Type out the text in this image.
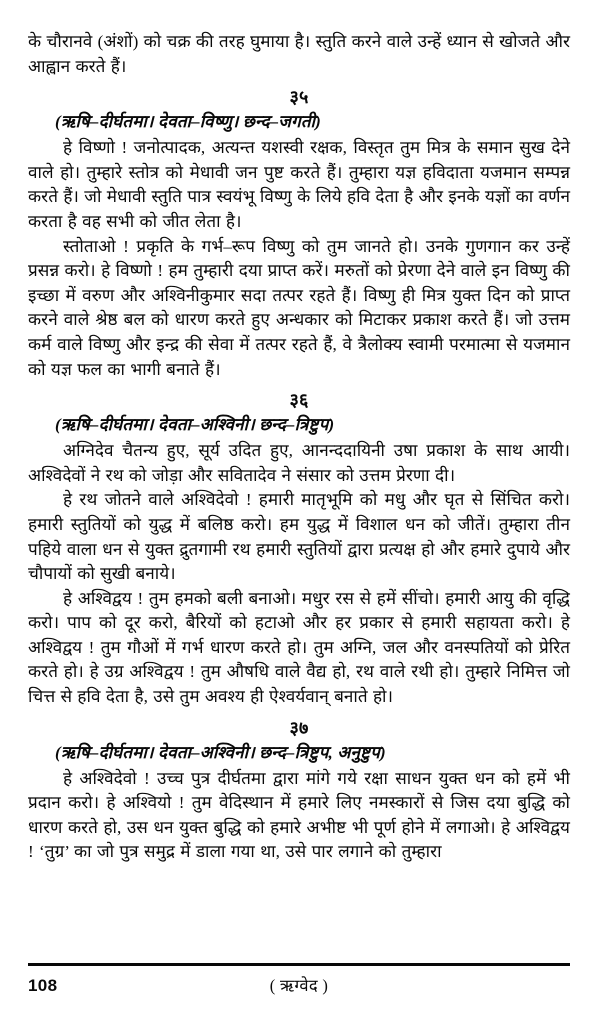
के चौरानवे (अंशों) को चक्र की तरह घुमाया है। स्तुति करने वाले उन्हें ध्यान से खोजते और आह्वान करते हैं।

३५
(ऋषि–दीर्घतमा। देवता–विष्णु। छन्द–जगती)

हे विष्णो ! जनोत्पादक, अत्यन्त यशस्वी रक्षक, विस्तृत तुम मित्र के समान सुख देने वाले हो। तुम्हारे स्तोत्र को मेधावी जन पुष्ट करते हैं। तुम्हारा यज्ञ हविदाता यजमान सम्पन्न करते हैं। जो मेधावी स्तुति पात्र स्वयंभू विष्णु के लिये हवि देता है और इनके यज्ञों का वर्णन करता है वह सभी को जीत लेता है।

स्तोताओ ! प्रकृति के गर्भ–रूप विष्णु को तुम जानते हो। उनके गुणगान कर उन्हें प्रसन्न करो। हे विष्णो ! हम तुम्हारी दया प्राप्त करें। मरुतों को प्रेरणा देने वाले इन विष्णु की इच्छा में वरुण और अश्विनीकुमार सदा तत्पर रहते हैं। विष्णु ही मित्र युक्त दिन को प्राप्त करने वाले श्रेष्ठ बल को धारण करते हुए अन्धकार को मिटाकर प्रकाश करते हैं। जो उत्तम कर्म वाले विष्णु और इन्द्र की सेवा में तत्पर रहते हैं, वे त्रैलोक्य स्वामी परमात्मा से यजमान को यज्ञ फल का भागी बनाते हैं।

३६
(ऋषि–दीर्घतमा। देवता–अश्विनी। छन्द–त्रिष्टुप)

अग्निदेव चैतन्य हुए, सूर्य उदित हुए, आनन्ददायिनी उषा प्रकाश के साथ आयी। अश्विदेवों ने रथ को जोड़ा और सवितादेव ने संसार को उत्तम प्रेरणा दी।

हे रथ जोतने वाले अश्विदेवो ! हमारी मातृभूमि को मधु और घृत से सिंचित करो। हमारी स्तुतियों को युद्ध में बलिष्ठ करो। हम युद्ध में विशाल धन को जीतें। तुम्हारा तीन पहिये वाला धन से युक्त द्रुतगामी रथ हमारी स्तुतियों द्वारा प्रत्यक्ष हो और हमारे दुपाये और चौपायों को सुखी बनाये।

हे अश्विद्वय ! तुम हमको बली बनाओ। मधुर रस से हमें सींचो। हमारी आयु की वृद्धि करो। पाप को दूर करो, बैरियों को हटाओ और हर प्रकार से हमारी सहायता करो। हे अश्विद्वय ! तुम गौओं में गर्भ धारण करते हो। तुम अग्नि, जल और वनस्पतियों को प्रेरित करते हो। हे उग्र अश्विद्वय ! तुम औषधि वाले वैद्य हो, रथ वाले रथी हो। तुम्हारे निमित्त जो चित्त से हवि देता है, उसे तुम अवश्य ही ऐश्वर्यवान् बनाते हो।

३७
(ऋषि–दीर्घतमा। देवता–अश्विनी। छन्द–त्रिष्टुप, अनुष्टुप)

हे अश्विदेवो ! उच्च पुत्र दीर्घतमा द्वारा मांगे गये रक्षा साधन युक्त धन को हमें भी प्रदान करो। हे अश्वियो ! तुम वेदिस्थान में हमारे लिए नमस्कारों से जिस दया बुद्धि को धारण करते हो, उस धन युक्त बुद्धि को हमारे अभीष्ट भी पूर्ण होने में लगाओ। हे अश्विद्वय ! ‘तुग्र’ का जो पुत्र समुद्र में डाला गया था, उसे पार लगाने को तुम्हारा

108	( ऋग्वेद )
